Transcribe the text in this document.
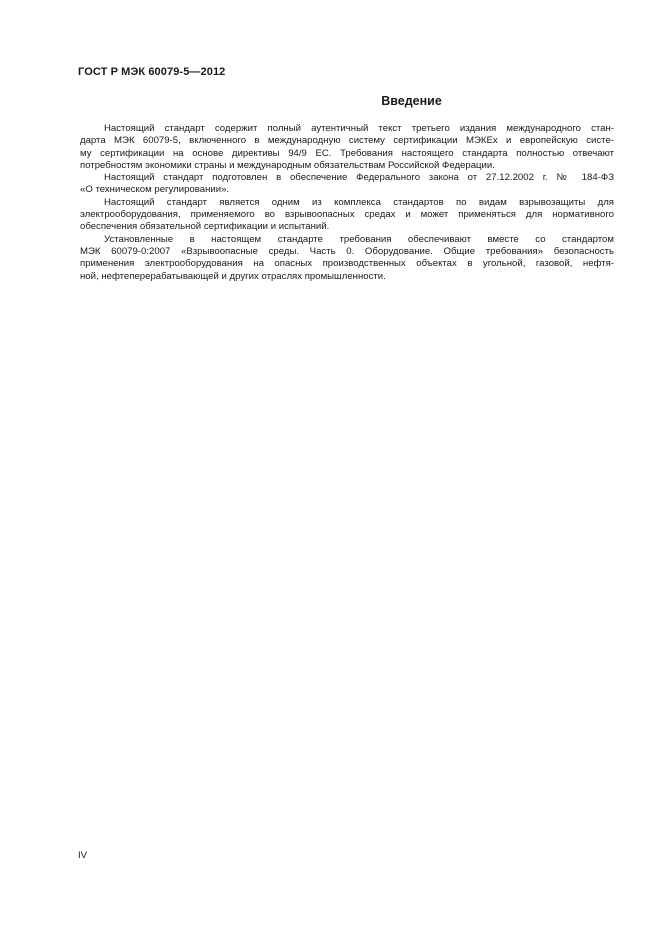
ГОСТ Р МЭК 60079-5—2012
Введение

Настоящий стандарт содержит полный аутентичный текст третьего издания международного стан-
дарта МЭК 60079-5, включенного в международную систему сертификации МЭКЕх и европейскую систе-
му сертификации на основе директивы 94/9 ЕС. Требования настоящего стандарта полностью отвечают
потребностям экономики страны и международным обязательствам Российской Федерации.

Настоящий стандарт подготовлен в обеспечение Федерального закона от 27.12.2002 г. № 184-ФЗ
«О техническом регулировании».

Настоящий стандарт является одним из комплекса стандартов по видам взрывозащиты для
электрооборудования, применяемого во взрывоопасных средах и может применяться для нормативного
обеспечения обязательной сертификации и испытаний.

Установленные в настоящем стандарте требования обеспечивают вместе со стандартом
МЭК 60079-0:2007 «Взрывоопасные среды. Часть 0. Оборудование. Общие требования» безопасность
применения электрооборудования на опасных производственных объектах в угольной, газовой, нефтя-
ной, нефтеперерабатывающей и других отраслях промышленности.

IV
